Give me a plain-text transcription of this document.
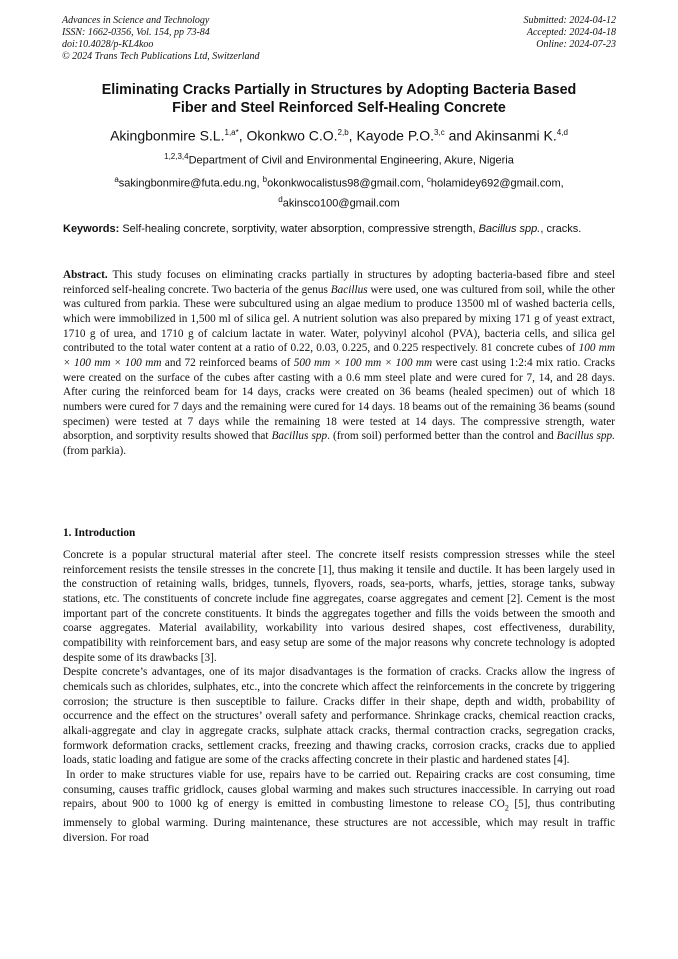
Advances in Science and Technology
ISSN: 1662-0356, Vol. 154, pp 73-84
doi:10.4028/p-KL4koo
© 2024 Trans Tech Publications Ltd, Switzerland
Submitted: 2024-04-12
Accepted: 2024-04-18
Online: 2024-07-23
Eliminating Cracks Partially in Structures by Adopting Bacteria Based
Fiber and Steel Reinforced Self-Healing Concrete
Akingbonmire S.L.$^{1,a*}$, Okonkwo C.O.$^{2,b}$, Kayode P.O.$^{3,c}$ and Akinsanmi K.$^{4,d}$
$^{1,2,3,4}$Department of Civil and Environmental Engineering, Akure, Nigeria
$^a$sakingbonmire@futa.edu.ng, $^b$okonkwocalistus98@gmail.com, $^c$holamidey692@gmail.com,
$^d$akinsco100@gmail.com
Keywords: Self-healing concrete, sorptivity, water absorption, compressive strength, Bacillus spp., cracks.
Abstract. This study focuses on eliminating cracks partially in structures by adopting bacteria-based fibre and steel reinforced self-healing concrete. Two bacteria of the genus Bacillus were used, one was cultured from soil, while the other was cultured from parkia. These were subcultured using an algae medium to produce 13500 ml of washed bacteria cells, which were immobilized in 1,500 ml of silica gel. A nutrient solution was also prepared by mixing 171 g of yeast extract, 1710 g of urea, and 1710 g of calcium lactate in water. Water, polyvinyl alcohol (PVA), bacteria cells, and silica gel contributed to the total water content at a ratio of 0.22, 0.03, 0.225, and 0.225 respectively. 81 concrete cubes of 100 mm × 100 mm × 100 mm and 72 reinforced beams of 500 mm × 100 mm × 100 mm were cast using 1:2:4 mix ratio. Cracks were created on the surface of the cubes after casting with a 0.6 mm steel plate and were cured for 7, 14, and 28 days. After curing the reinforced beam for 14 days, cracks were created on 36 beams (healed specimen) out of which 18 numbers were cured for 7 days and the remaining were cured for 14 days. 18 beams out of the remaining 36 beams (sound specimen) were tested at 7 days while the remaining 18 were tested at 14 days. The compressive strength, water absorption, and sorptivity results showed that Bacillus spp. (from soil) performed better than the control and Bacillus spp. (from parkia).
1. Introduction

Concrete is a popular structural material after steel. The concrete itself resists compression stresses while the steel reinforcement resists the tensile stresses in the concrete [1], thus making it tensile and ductile. It has been largely used in the construction of retaining walls, bridges, tunnels, flyovers, roads, sea-ports, wharfs, jetties, storage tanks, subway stations, etc. The constituents of concrete include fine aggregates, coarse aggregates and cement [2]. Cement is the most important part of the concrete constituents. It binds the aggregates together and fills the voids between the smooth and coarse aggregates. Material availability, workability into various desired shapes, cost effectiveness, durability, compatibility with reinforcement bars, and easy setup are some of the major reasons why concrete technology is adopted despite some of its drawbacks [3].

Despite concrete’s advantages, one of its major disadvantages is the formation of cracks. Cracks allow the ingress of chemicals such as chlorides, sulphates, etc., into the concrete which affect the reinforcements in the concrete by triggering corrosion; the structure is then susceptible to failure. Cracks differ in their shape, depth and width, probability of occurrence and the effect on the structures’ overall safety and performance. Shrinkage cracks, chemical reaction cracks, alkali-aggregate and clay in aggregate cracks, sulphate attack cracks, thermal contraction cracks, segregation cracks, formwork deformation cracks, settlement cracks, freezing and thawing cracks, corrosion cracks, cracks due to applied loads, static loading and fatigue are some of the cracks affecting concrete in their plastic and hardened states [4].

In order to make structures viable for use, repairs have to be carried out. Repairing cracks are cost consuming, time consuming, causes traffic gridlock, causes global warming and makes such structures inaccessible. In carrying out road repairs, about 900 to 1000 kg of energy is emitted in combusting limestone to release $CO_2$ [5], thus contributing immensely to global warming. During maintenance, these structures are not accessible, which may result in traffic diversion. For road
